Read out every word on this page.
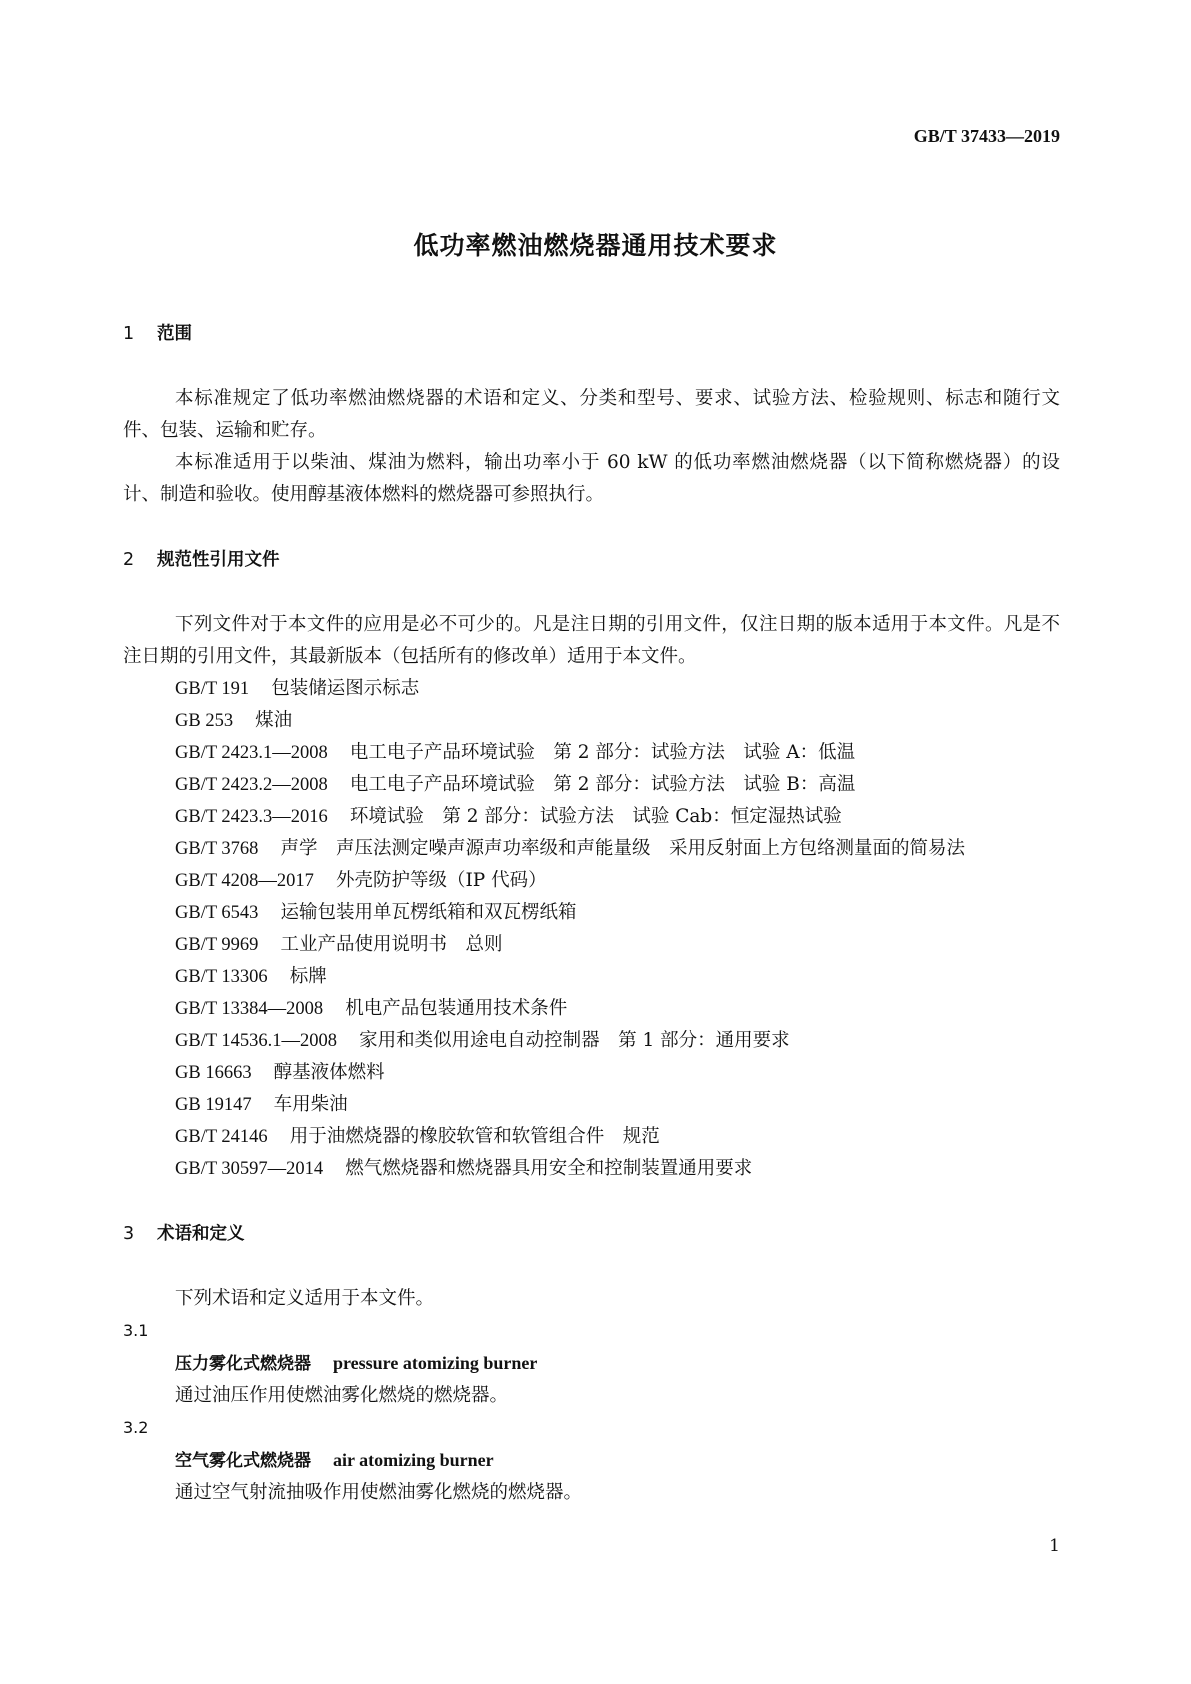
GB/T 37433—2019
低功率燃油燃烧器通用技术要求

1 范围

本标准规定了低功率燃油燃烧器的术语和定义、分类和型号、要求、试验方法、检验规则、标志和随行文件、包装、运输和贮存。

本标准适用于以柴油、煤油为燃料，输出功率小于 60 kW 的低功率燃油燃烧器（以下简称燃烧器）的设计、制造和验收。使用醇基液体燃料的燃烧器可参照执行。

2 规范性引用文件

下列文件对于本文件的应用是必不可少的。凡是注日期的引用文件，仅注日期的版本适用于本文件。凡是不注日期的引用文件，其最新版本（包括所有的修改单）适用于本文件。

GB/T 191 包装储运图示标志

GB 253 煤油

GB/T 2423.1—2008 电工电子产品环境试验　第 2 部分：试验方法　试验 A：低温

GB/T 2423.2—2008 电工电子产品环境试验　第 2 部分：试验方法　试验 B：高温

GB/T 2423.3—2016 环境试验　第 2 部分：试验方法　试验 Cab：恒定湿热试验

GB/T 3768 声学　声压法测定噪声源声功率级和声能量级　采用反射面上方包络测量面的简易法

GB/T 4208—2017 外壳防护等级（IP 代码）

GB/T 6543 运输包装用单瓦楞纸箱和双瓦楞纸箱

GB/T 9969 工业产品使用说明书　总则

GB/T 13306 标牌

GB/T 13384—2008 机电产品包装通用技术条件

GB/T 14536.1—2008 家用和类似用途电自动控制器　第 1 部分：通用要求

GB 16663 醇基液体燃料

GB 19147 车用柴油

GB/T 24146 用于油燃烧器的橡胶软管和软管组合件　规范

GB/T 30597—2014 燃气燃烧器和燃烧器具用安全和控制装置通用要求

3 术语和定义

下列术语和定义适用于本文件。

3.1

压力雾化式燃烧器 pressure atomizing burner

通过油压作用使燃油雾化燃烧的燃烧器。

3.2

空气雾化式燃烧器 air atomizing burner

通过空气射流抽吸作用使燃油雾化燃烧的燃烧器。

1
